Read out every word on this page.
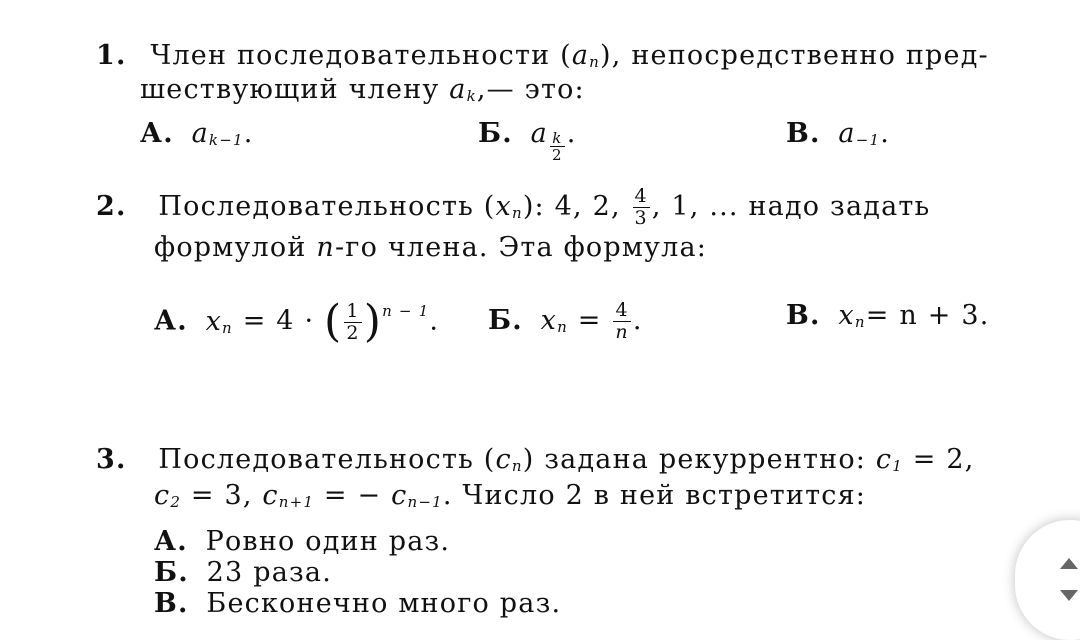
1. Член последовательности $(a_n)$, непосредственно пред-
шествующий члену $a_k,—$ это:
А. $a_{k-1}$.	Б. a $\frac{k}{2}$ .	В. $a_{-1}$.
2. Последовательность $(x_n)$: 4, 2, $\frac{4}{3}$ , 1, ... надо задать
формулой n-го члена. Эта формула:
А. $x_n = 4$ · ( $\frac{1}{2} )^{n - 1}$. Б. $x_n = \frac{4}{n}$ .	В. $x_n= n + 3$.
3. Последовательность $(c_n)$ задана рекуррентно: $c_1 = 2$,
$c_2 = 3$, $c_{n+1}$ = − $c_{n-1}$. Число 2 в ней встретится:
А. Ровно один раз.
Б. 23 раза.
В. Бесконечно много раз.
